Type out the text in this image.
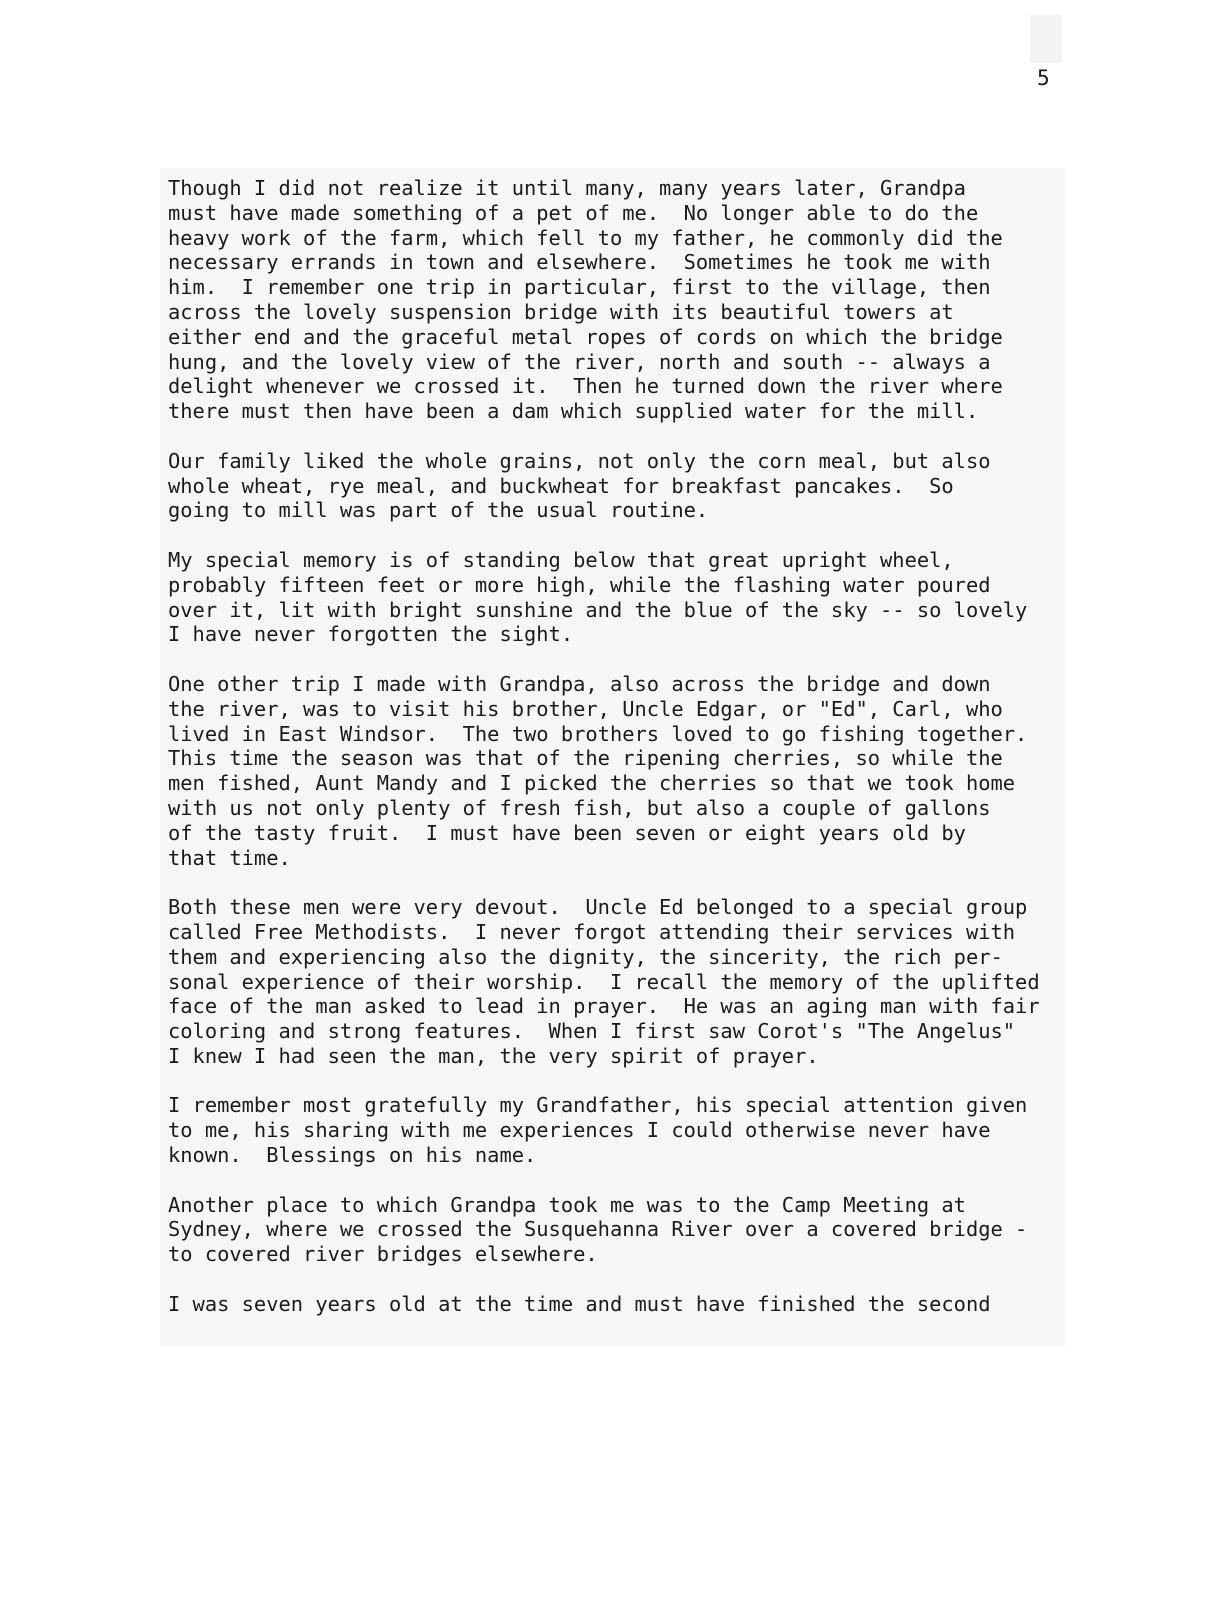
5
Though I did not realize it until many, many years later, Grandpa
must have made something of a pet of me.  No longer able to do the
heavy work of the farm, which fell to my father, he commonly did the
necessary errands in town and elsewhere.  Sometimes he took me with
him.  I remember one trip in particular, first to the village, then
across the lovely suspension bridge with its beautiful towers at
either end and the graceful metal ropes of cords on which the bridge
hung, and the lovely view of the river, north and south -- always a
delight whenever we crossed it.  Then he turned down the river where
there must then have been a dam which supplied water for the mill.
Our family liked the whole grains, not only the corn meal, but also
whole wheat, rye meal, and buckwheat for breakfast pancakes.  So
going to mill was part of the usual routine.
My special memory is of standing below that great upright wheel,
probably fifteen feet or more high, while the flashing water poured
over it, lit with bright sunshine and the blue of the sky -- so lovely
I have never forgotten the sight.
One other trip I made with Grandpa, also across the bridge and down
the river, was to visit his brother, Uncle Edgar, or "Ed", Carl, who
lived in East Windsor.  The two brothers loved to go fishing together.
This time the season was that of the ripening cherries, so while the
men fished, Aunt Mandy and I picked the cherries so that we took home
with us not only plenty of fresh fish, but also a couple of gallons
of the tasty fruit.  I must have been seven or eight years old by
that time.
Both these men were very devout.  Uncle Ed belonged to a special group
called Free Methodists.  I never forgot attending their services with
them and experiencing also the dignity, the sincerity, the rich per-
sonal experience of their worship.  I recall the memory of the uplifted
face of the man asked to lead in prayer.  He was an aging man with fair
coloring and strong features.  When I first saw Corot's "The Angelus"
I knew I had seen the man, the very spirit of prayer.
I remember most gratefully my Grandfather, his special attention given
to me, his sharing with me experiences I could otherwise never have
known.  Blessings on his name.
Another place to which Grandpa took me was to the Camp Meeting at
Sydney, where we crossed the Susquehanna River over a covered bridge -
to covered river bridges elsewhere.
I was seven years old at the time and must have finished the second
